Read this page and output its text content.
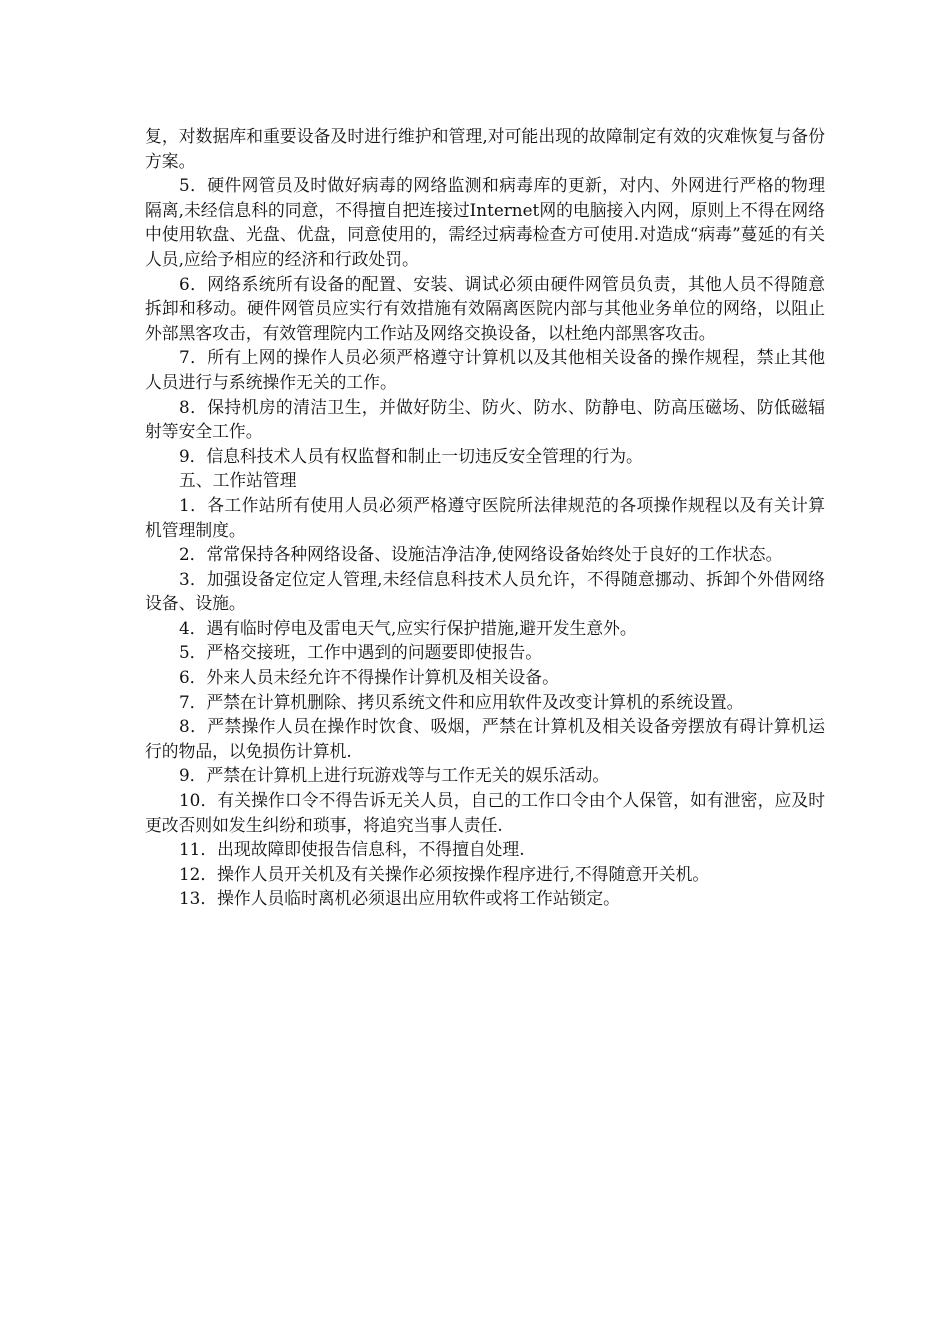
复，对数据库和重要设备及时进行维护和管理,对可能出现的故障制定有效的灾难恢复与备份方案。

5．硬件网管员及时做好病毒的网络监测和病毒库的更新，对内、外网进行严格的物理隔离,未经信息科的同意，不得擅自把连接过Internet网的电脑接入内网，原则上不得在网络中使用软盘、光盘、优盘，同意使用的，需经过病毒检查方可使用.对造成“病毒”蔓延的有关人员,应给予相应的经济和行政处罚。

6．网络系统所有设备的配置、安装、调试必须由硬件网管员负责，其他人员不得随意拆卸和移动。硬件网管员应实行有效措施有效隔离医院内部与其他业务单位的网络，以阻止外部黑客攻击，有效管理院内工作站及网络交换设备，以杜绝内部黑客攻击。

7．所有上网的操作人员必须严格遵守计算机以及其他相关设备的操作规程，禁止其他人员进行与系统操作无关的工作。

8．保持机房的清洁卫生，并做好防尘、防火、防水、防静电、防高压磁场、防低磁辐射等安全工作。

9．信息科技术人员有权监督和制止一切违反安全管理的行为。

五、工作站管理

1．各工作站所有使用人员必须严格遵守医院所法律规范的各项操作规程以及有关计算机管理制度。

2．常常保持各种网络设备、设施洁净洁净,使网络设备始终处于良好的工作状态。

3．加强设备定位定人管理,未经信息科技术人员允许，不得随意挪动、拆卸个外借网络设备、设施。

4．遇有临时停电及雷电天气,应实行保护措施,避开发生意外。

5．严格交接班，工作中遇到的问题要即使报告。

6．外来人员未经允许不得操作计算机及相关设备。

7．严禁在计算机删除、拷贝系统文件和应用软件及改变计算机的系统设置。

8．严禁操作人员在操作时饮食、吸烟，严禁在计算机及相关设备旁摆放有碍计算机运行的物品，以免损伤计算机.

9．严禁在计算机上进行玩游戏等与工作无关的娱乐活动。

10．有关操作口令不得告诉无关人员，自己的工作口令由个人保管，如有泄密，应及时更改否则如发生纠纷和琐事，将追究当事人责任.

11．出现故障即使报告信息科，不得擅自处理.

12．操作人员开关机及有关操作必须按操作程序进行,不得随意开关机。

13．操作人员临时离机必须退出应用软件或将工作站锁定。
